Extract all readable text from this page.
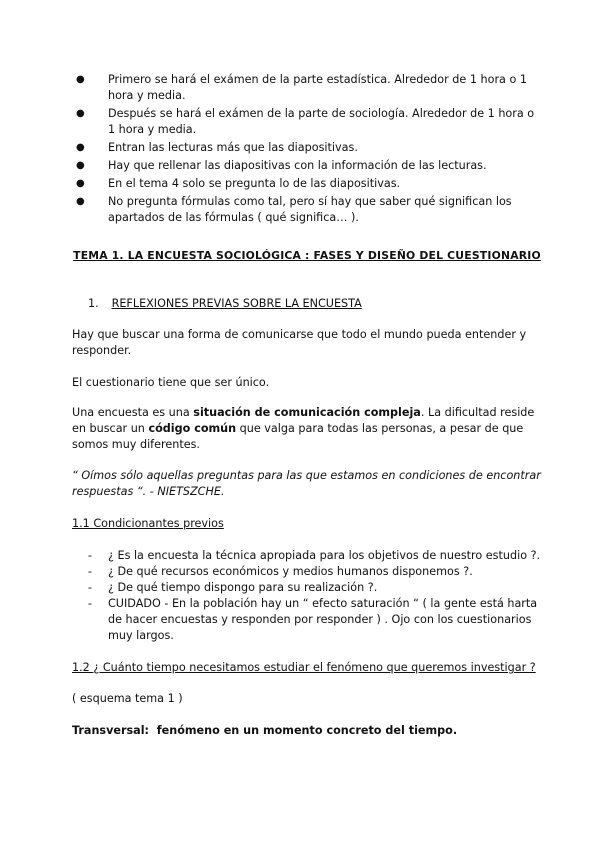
●	Primero se hará el exámen de la parte estadística. Alrededor de 1 hora o 1 hora y media.
●	Después se hará el exámen de la parte de sociología. Alrededor de 1 hora o 1 hora y media.
●	Entran las lecturas más que las diapositivas.
●	Hay que rellenar las diapositivas con la información de las lecturas.
●	En el tema 4 solo se pregunta lo de las diapositivas.
●	No pregunta fórmulas como tal, pero sí hay que saber qué significan los apartados de las fórmulas ( qué significa… ).
TEMA 1. LA ENCUESTA SOCIOLÓGICA : FASES Y DISEÑO DEL CUESTIONARIO
1. REFLEXIONES PREVIAS SOBRE LA ENCUESTA

Hay que buscar una forma de comunicarse que todo el mundo pueda entender y responder.

El cuestionario tiene que ser único.

Una encuesta es una situación de comunicación compleja. La dificultad reside en buscar un código común que valga para todas las personas, a pesar de que somos muy diferentes.

“ Oímos sólo aquellas preguntas para las que estamos en condiciones de encontrar respuestas “. - NIETSZCHE.

1.1 Condicionantes previos
- ¿ Es la encuesta la técnica apropiada para los objetivos de nuestro estudio ?.
- ¿ De qué recursos económicos y medios humanos disponemos ?.
- ¿ De qué tiempo dispongo para su realización ?.
- CUIDADO - En la población hay un “ efecto saturación “ ( la gente está harta de hacer encuestas y responden por responder ) . Ojo con los cuestionarios muy largos.
1.2 ¿ Cuánto tiempo necesitamos estudiar el fenómeno que queremos investigar ?

( esquema tema 1 )

Transversal:  fenómeno en un momento concreto del tiempo.
